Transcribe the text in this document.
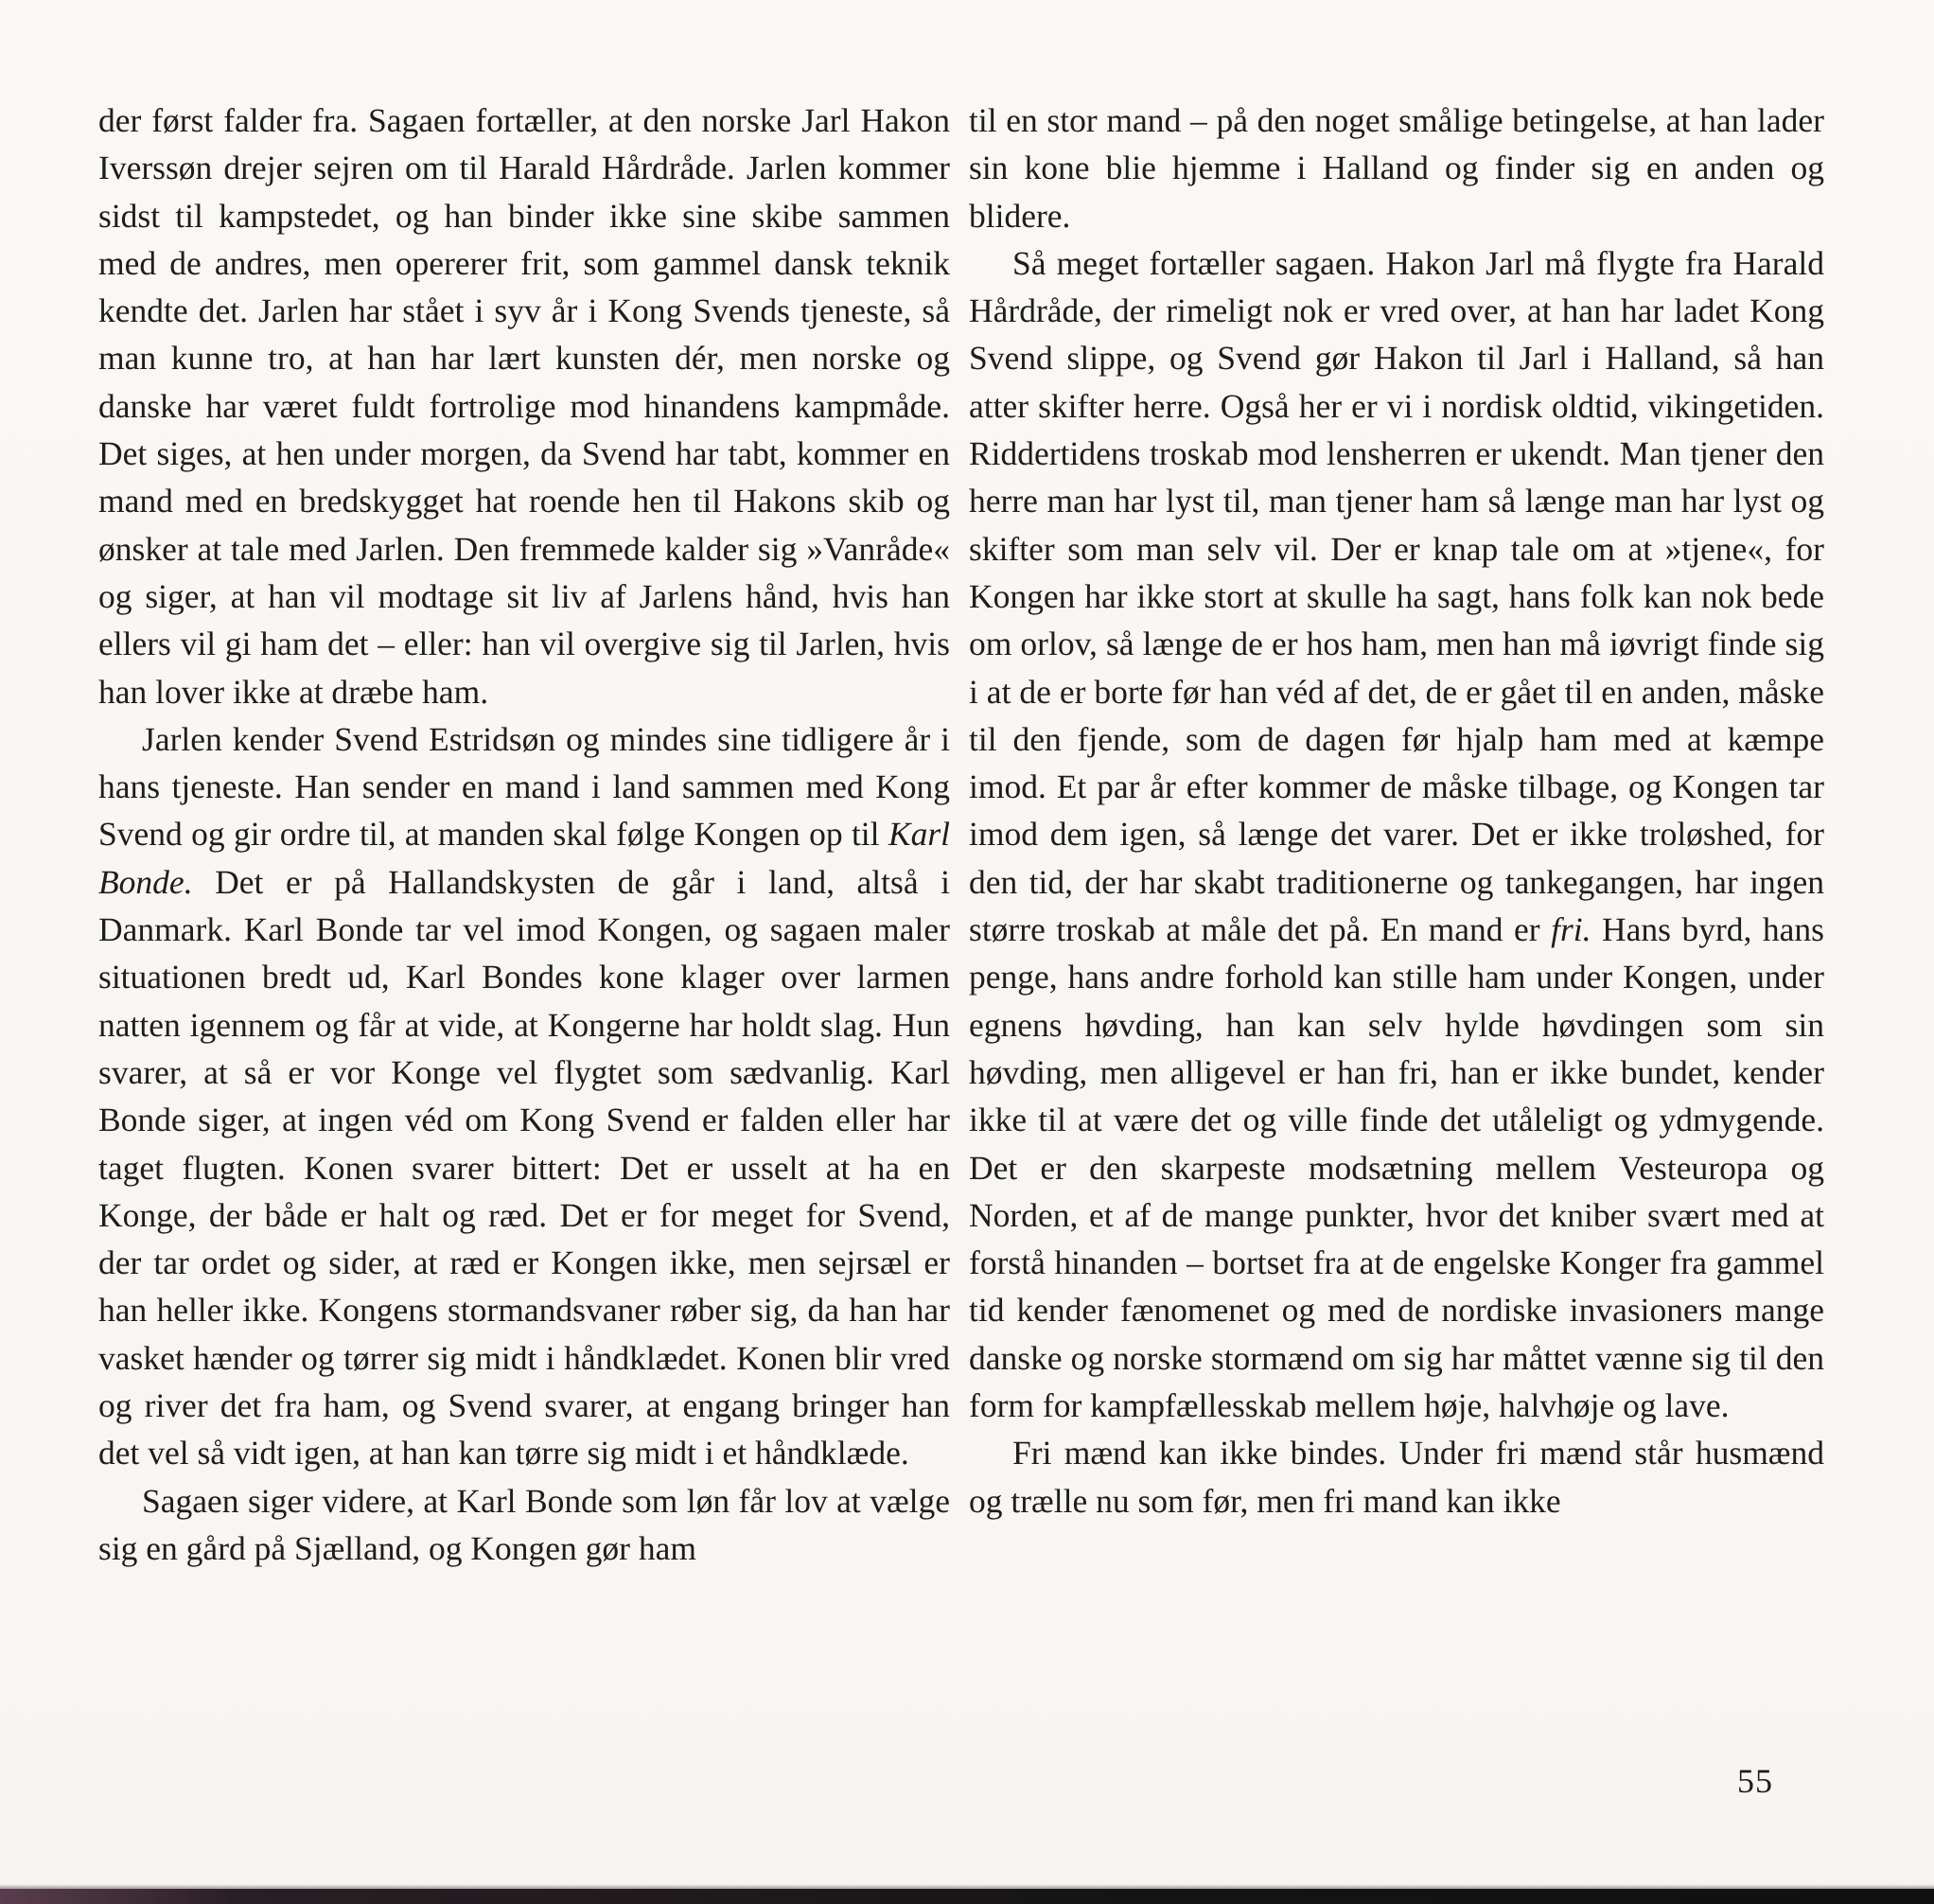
der først falder fra. Sagaen fortæller, at den norske Jarl Hakon Iverssøn drejer sejren om til Harald Hårdråde. Jarlen kommer sidst til kampstedet, og han binder ikke sine skibe sammen med de andres, men opererer frit, som gammel dansk teknik kendte det. Jarlen har stået i syv år i Kong Svends tjeneste, så man kunne tro, at han har lært kunsten dér, men norske og danske har været fuldt fortrolige mod hinandens kampmåde. Det siges, at hen under morgen, da Svend har tabt, kommer en mand med en bredskygget hat roende hen til Hakons skib og ønsker at tale med Jarlen. Den fremmede kalder sig »Vanråde« og siger, at han vil modtage sit liv af Jarlens hånd, hvis han ellers vil gi ham det – eller: han vil overgive sig til Jarlen, hvis han lover ikke at dræbe ham.

Jarlen kender Svend Estridsøn og mindes sine tidligere år i hans tjeneste. Han sender en mand i land sammen med Kong Svend og gir ordre til, at manden skal følge Kongen op til Karl Bonde. Det er på Hallandskysten de går i land, altså i Danmark. Karl Bonde tar vel imod Kongen, og sagaen maler situationen bredt ud, Karl Bondes kone klager over larmen natten igennem og får at vide, at Kongerne har holdt slag. Hun svarer, at så er vor Konge vel flygtet som sædvanlig. Karl Bonde siger, at ingen véd om Kong Svend er falden eller har taget flugten. Konen svarer bittert: Det er usselt at ha en Konge, der både er halt og ræd. Det er for meget for Svend, der tar ordet og sider, at ræd er Kongen ikke, men sejrsæl er han heller ikke. Kongens stormandsvaner røber sig, da han har vasket hænder og tørrer sig midt i håndklædet. Konen blir vred og river det fra ham, og Svend svarer, at engang bringer han det vel så vidt igen, at han kan tørre sig midt i et håndklæde.

Sagaen siger videre, at Karl Bonde som løn får lov at vælge sig en gård på Sjælland, og Kongen gør ham

til en stor mand – på den noget smålige betingelse, at han lader sin kone blie hjemme i Halland og finder sig en anden og blidere.

Så meget fortæller sagaen. Hakon Jarl må flygte fra Harald Hårdråde, der rimeligt nok er vred over, at han har ladet Kong Svend slippe, og Svend gør Hakon til Jarl i Halland, så han atter skifter herre. Også her er vi i nordisk oldtid, vikingetiden. Riddertidens troskab mod lensherren er ukendt. Man tjener den herre man har lyst til, man tjener ham så længe man har lyst og skifter som man selv vil. Der er knap tale om at »tjene«, for Kongen har ikke stort at skulle ha sagt, hans folk kan nok bede om orlov, så længe de er hos ham, men han må iøvrigt finde sig i at de er borte før han véd af det, de er gået til en anden, måske til den fjende, som de dagen før hjalp ham med at kæmpe imod. Et par år efter kommer de måske tilbage, og Kongen tar imod dem igen, så længe det varer. Det er ikke troløshed, for den tid, der har skabt traditionerne og tankegangen, har ingen større troskab at måle det på. En mand er fri. Hans byrd, hans penge, hans andre forhold kan stille ham under Kongen, under egnens høvding, han kan selv hylde høvdingen som sin høvding, men alligevel er han fri, han er ikke bundet, kender ikke til at være det og ville finde det utåleligt og ydmygende. Det er den skarpeste modsætning mellem Vesteuropa og Norden, et af de mange punkter, hvor det kniber svært med at forstå hinanden – bortset fra at de engelske Konger fra gammel tid kender fænomenet og med de nordiske invasioners mange danske og norske stormænd om sig har måttet vænne sig til den form for kampfællesskab mellem høje, halvhøje og lave.

Fri mænd kan ikke bindes. Under fri mænd står husmænd og trælle nu som før, men fri mand kan ikke

55
